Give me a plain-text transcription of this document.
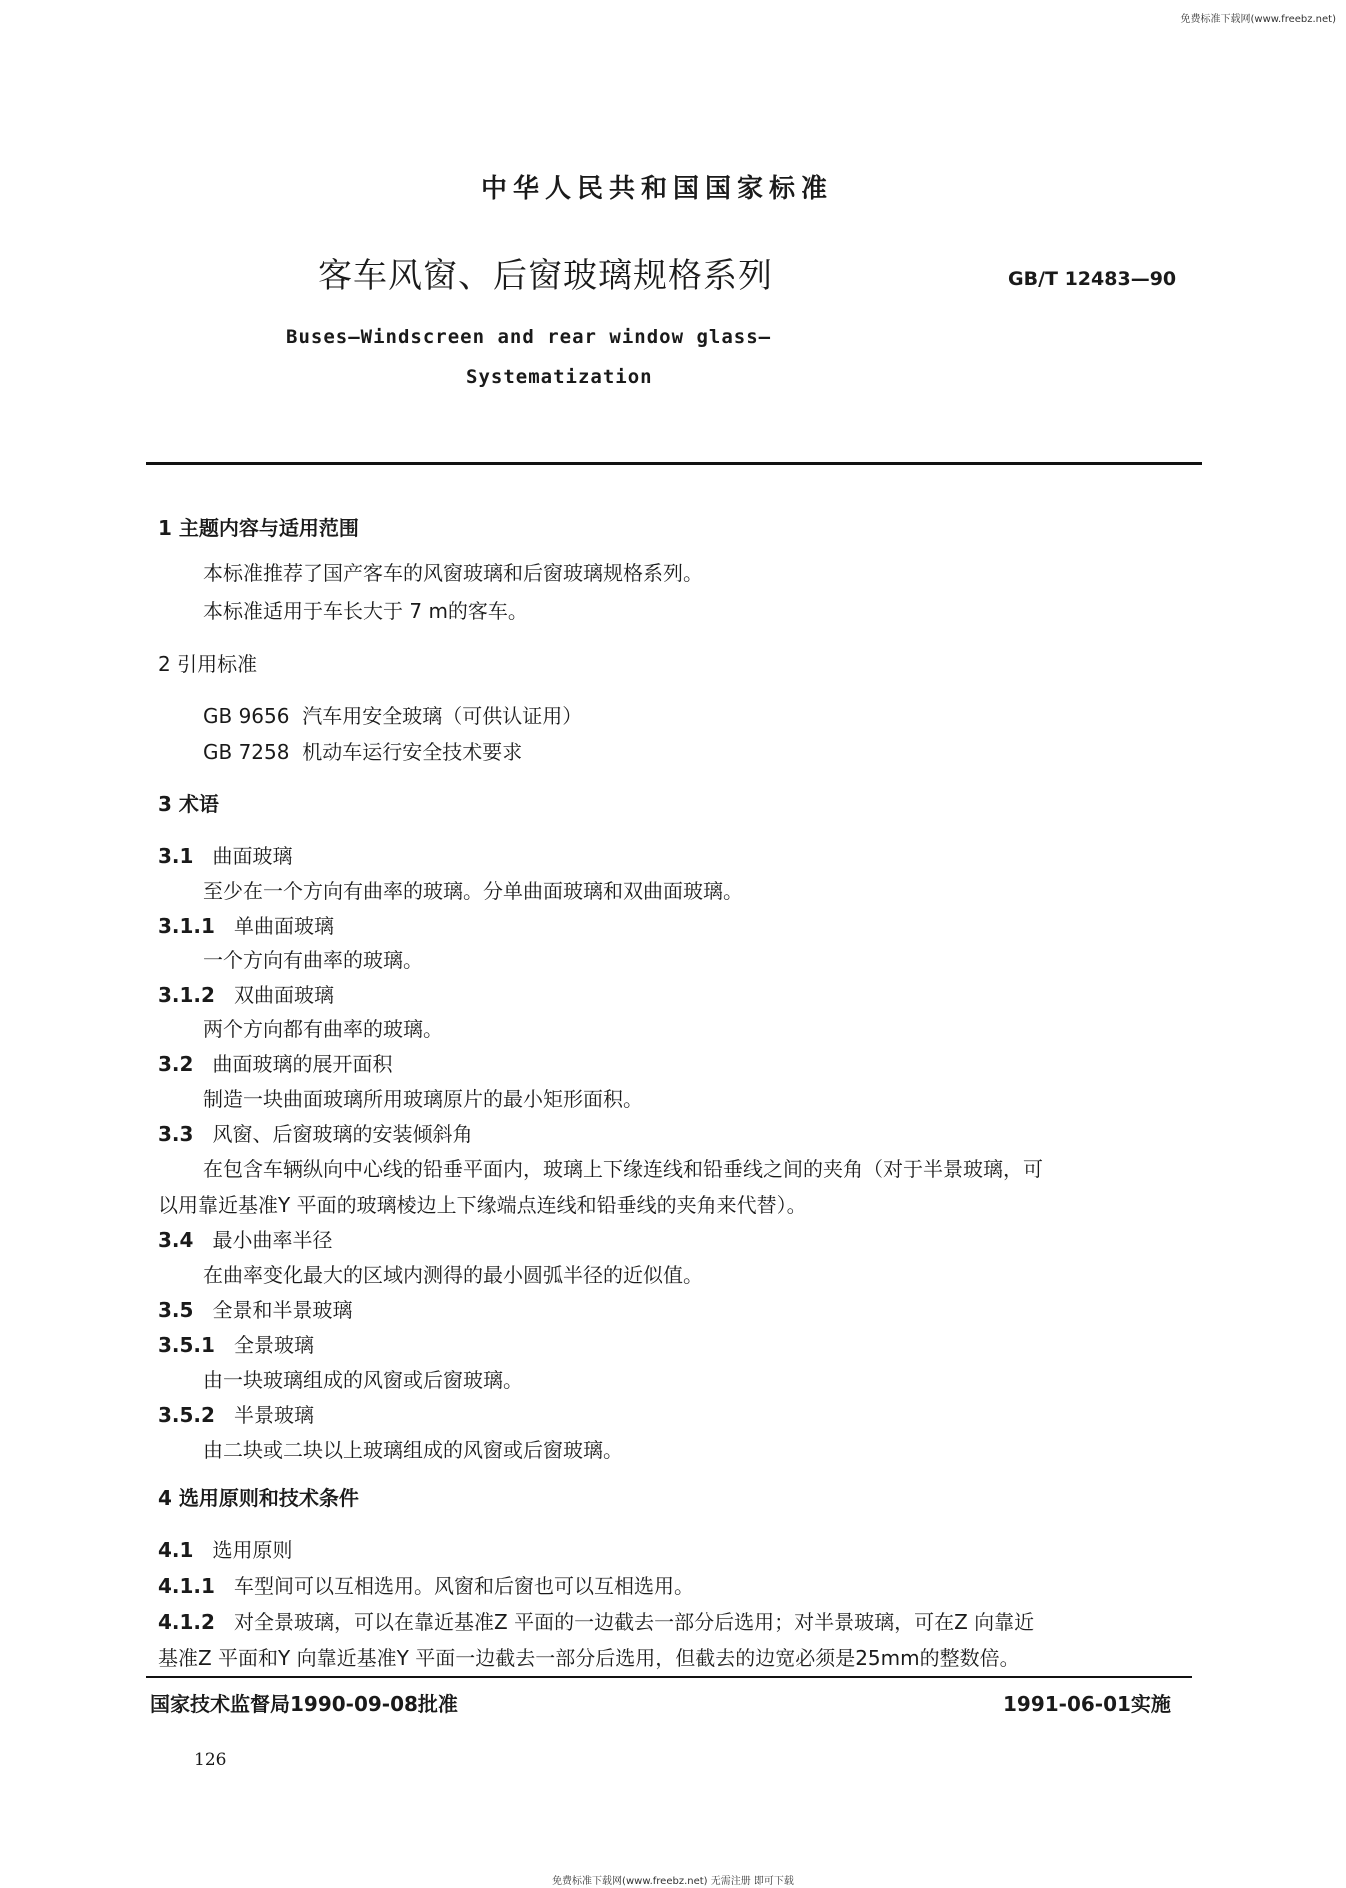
免费标准下载网(www.freebz.net)
中华人民共和国国家标准
客车风窗、后窗玻璃规格系列	GB/T 12483—90
Buses—Windscreen and rear window glass—
Systematization
1 主题内容与适用范围
本标准推荐了国产客车的风窗玻璃和后窗玻璃规格系列。
本标准适用于车长大于 7 m的客车。
2 引用标准
GB 9656 汽车用安全玻璃（可供认证用）
GB 7258 机动车运行安全技术要求
3 术语
3.1 曲面玻璃
至少在一个方向有曲率的玻璃。分单曲面玻璃和双曲面玻璃。
3.1.1 单曲面玻璃
一个方向有曲率的玻璃。
3.1.2 双曲面玻璃
两个方向都有曲率的玻璃。
3.2 曲面玻璃的展开面积
制造一块曲面玻璃所用玻璃原片的最小矩形面积。
3.3 风窗、后窗玻璃的安装倾斜角
在包含车辆纵向中心线的铅垂平面内，玻璃上下缘连线和铅垂线之间的夹角（对于半景玻璃，可
以用靠近基准Y 平面的玻璃棱边上下缘端点连线和铅垂线的夹角来代替）。
3.4 最小曲率半径
在曲率变化最大的区域内测得的最小圆弧半径的近似值。
3.5 全景和半景玻璃
3.5.1 全景玻璃
由一块玻璃组成的风窗或后窗玻璃。
3.5.2 半景玻璃
由二块或二块以上玻璃组成的风窗或后窗玻璃。
4 选用原则和技术条件
4.1 选用原则
4.1.1 车型间可以互相选用。风窗和后窗也可以互相选用。
4.1.2 对全景玻璃，可以在靠近基准Z 平面的一边截去一部分后选用；对半景玻璃，可在Z 向靠近
基准Z 平面和Y 向靠近基准Y 平面一边截去一部分后选用，但截去的边宽必须是25mm的整数倍。
国家技术监督局1990-09-08批准	1991-06-01实施
126
免费标准下载网(www.freebz.net) 无需注册 即可下载
